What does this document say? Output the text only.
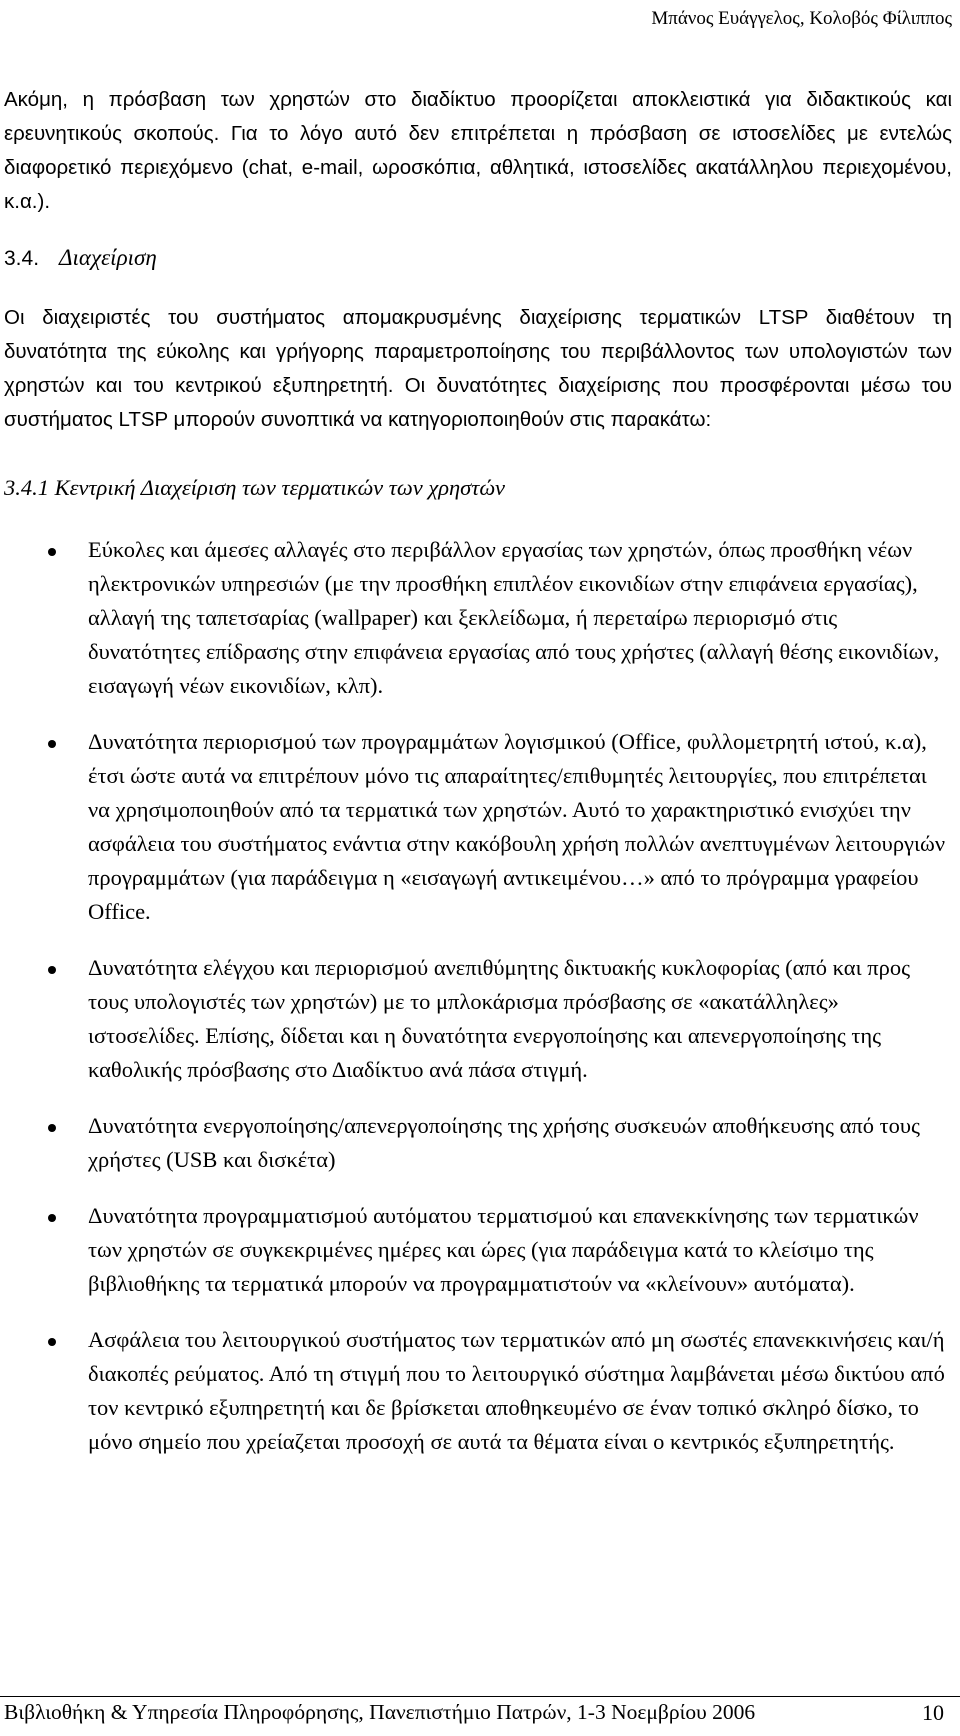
Μπάνος Ευάγγελος, Κολοβός Φίλιππος

Ακόμη, η πρόσβαση των χρηστών στο διαδίκτυο προορίζεται αποκλειστικά για διδακτικούς και ερευνητικούς σκοπούς. Για το λόγο αυτό δεν επιτρέπεται η πρόσβαση σε ιστοσελίδες με εντελώς διαφορετικό περιεχόμενο (chat, e-mail, ωροσκόπια, αθλητικά, ιστοσελίδες ακατάλληλου περιεχομένου, κ.α.).

3.4. Διαχείριση

Οι διαχειριστές του συστήματος απομακρυσμένης διαχείρισης τερματικών LTSP διαθέτουν τη δυνατότητα της εύκολης και γρήγορης παραμετροποίησης του περιβάλλοντος των υπολογιστών των χρηστών και του κεντρικού εξυπηρετητή. Οι δυνατότητες διαχείρισης που προσφέρονται μέσω του συστήματος LTSP μπορούν συνοπτικά να κατηγοριοποιηθούν στις παρακάτω:

3.4.1 Κεντρική Διαχείριση των τερματικών των χρηστών
Εύκολες και άμεσες αλλαγές στο περιβάλλον εργασίας των χρηστών, όπως προσθήκη νέων ηλεκτρονικών υπηρεσιών (με την προσθήκη επιπλέον εικονιδίων στην επιφάνεια εργασίας), αλλαγή της ταπετσαρίας (wallpaper) και ξεκλείδωμα, ή περεταίρω περιορισμό στις δυνατότητες επίδρασης στην επιφάνεια εργασίας από τους χρήστες (αλλαγή θέσης εικονιδίων, εισαγωγή νέων εικονιδίων, κλπ).
Δυνατότητα περιορισμού των προγραμμάτων λογισμικού (Office, φυλλομετρητή ιστού, κ.α), έτσι ώστε αυτά να επιτρέπουν μόνο τις απαραίτητες/επιθυμητές λειτουργίες, που επιτρέπεται να χρησιμοποιηθούν από τα τερματικά των χρηστών. Αυτό το χαρακτηριστικό ενισχύει την ασφάλεια του συστήματος ενάντια στην κακόβουλη χρήση πολλών ανεπτυγμένων λειτουργιών προγραμμάτων (για παράδειγμα η «εισαγωγή αντικειμένου…» από το πρόγραμμα γραφείου Office.
Δυνατότητα ελέγχου και περιορισμού ανεπιθύμητης δικτυακής κυκλοφορίας (από και προς τους υπολογιστές των χρηστών) με το μπλοκάρισμα πρόσβασης σε «ακατάλληλες» ιστοσελίδες. Επίσης, δίδεται και η δυνατότητα ενεργοποίησης και απενεργοποίησης της καθολικής πρόσβασης στο Διαδίκτυο ανά πάσα στιγμή.
Δυνατότητα ενεργοποίησης/απενεργοποίησης της χρήσης συσκευών αποθήκευσης από τους χρήστες (USB και δισκέτα)
Δυνατότητα προγραμματισμού αυτόματου τερματισμού και επανεκκίνησης των τερματικών των χρηστών σε συγκεκριμένες ημέρες και ώρες (για παράδειγμα κατά το κλείσιμο της βιβλιοθήκης τα τερματικά μπορούν να προγραμματιστούν να «κλείνουν» αυτόματα).
Ασφάλεια του λειτουργικού συστήματος των τερματικών από μη σωστές επανεκκινήσεις και/ή διακοπές ρεύματος. Από τη στιγμή που το λειτουργικό σύστημα λαμβάνεται μέσω δικτύου από τον κεντρικό εξυπηρετητή και δε βρίσκεται αποθηκευμένο σε έναν τοπικό σκληρό δίσκο, το μόνο σημείο που χρείαζεται προσοχή σε αυτά τα θέματα είναι ο κεντρικός εξυπηρετητής.
Βιβλιοθήκη & Υπηρεσία Πληροφόρησης, Πανεπιστήμιο Πατρών, 1-3 Νοεμβρίου 2006	10
